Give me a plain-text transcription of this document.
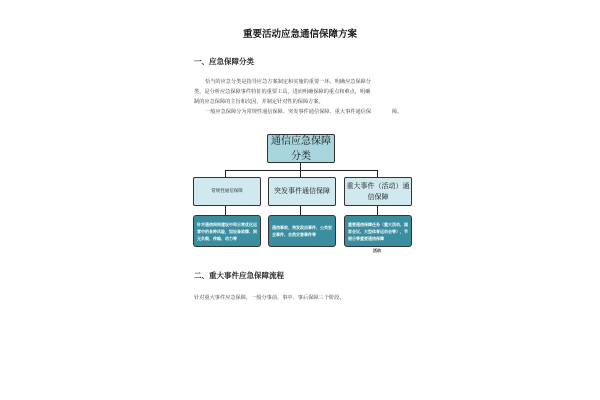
重要活动应急通信保障方案
一、应急保障分类
恰当的应急分类是指导应急方案制定和实施的重要一环。明确应急保障分
类，是分析应急保障事件特征的重要工具，进而明确保障的重点和难点，明确
制的应急保障的主旨和次因，并制定针对性的保障方案。
一般应急保障分为常规性通信保障、突发事件通信保障、重大事件通信保	障。
通信应急保障分类
常规性通信保障	突发事件通信保障
重大事件（活动）通信保障
针对通信网络建设中和日常优化运营中的各种风险，如设备故障、网元负载、传输、动力等
通信事故、突发政治事件、公共安全事件、自然灾害事件等
重要通信保障任务（重大活动、国家会议、大型体育运动会等），节假日等重要通信保障
活动
二、重大事件应急保障流程
针对重大事件应急保障，一般分事前、事中、事后保障三个阶段。
